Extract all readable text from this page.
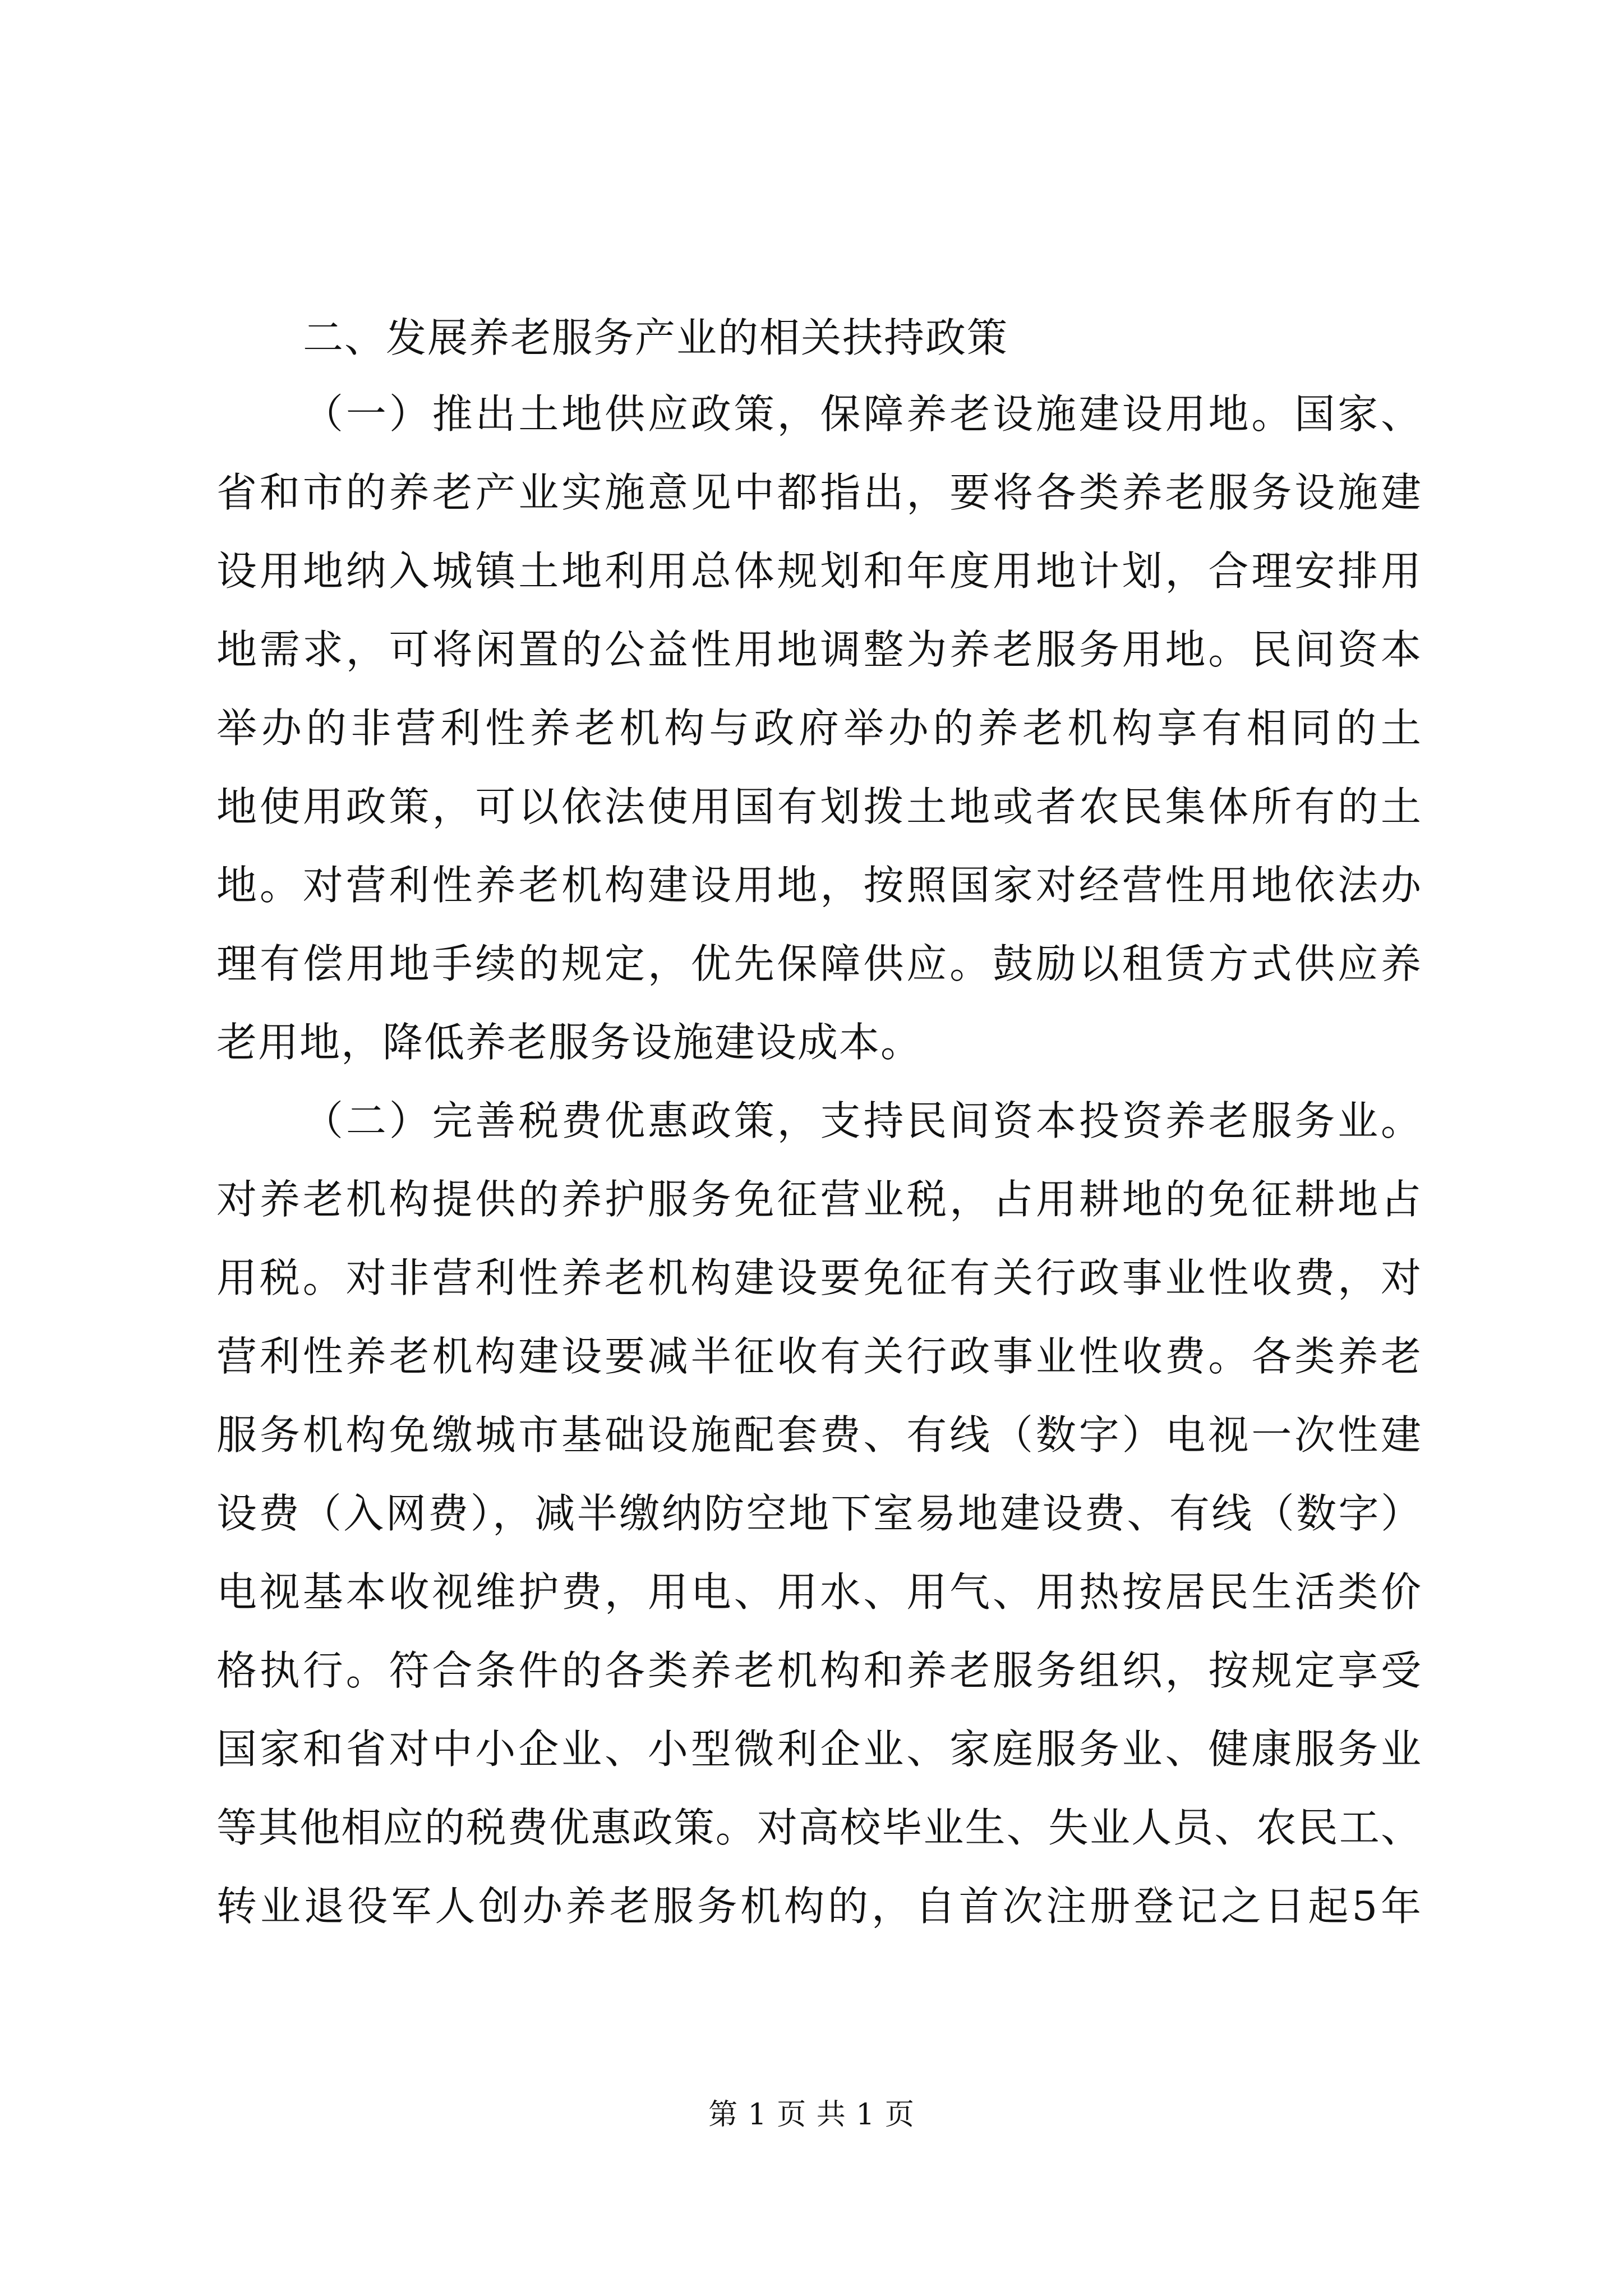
二、发展养老服务产业的相关扶持政策
（一）推出土地供应政策，保障养老设施建设用地。国家、
省和市的养老产业实施意见中都指出，要将各类养老服务设施建
设用地纳入城镇土地利用总体规划和年度用地计划，合理安排用
地需求，可将闲置的公益性用地调整为养老服务用地。民间资本
举办的非营利性养老机构与政府举办的养老机构享有相同的土
地使用政策，可以依法使用国有划拨土地或者农民集体所有的土
地。对营利性养老机构建设用地，按照国家对经营性用地依法办
理有偿用地手续的规定，优先保障供应。鼓励以租赁方式供应养
老用地，降低养老服务设施建设成本。
（二）完善税费优惠政策，支持民间资本投资养老服务业。
对养老机构提供的养护服务免征营业税，占用耕地的免征耕地占
用税。对非营利性养老机构建设要免征有关行政事业性收费，对
营利性养老机构建设要减半征收有关行政事业性收费。各类养老
服务机构免缴城市基础设施配套费、有线（数字）电视一次性建
设费（入网费），减半缴纳防空地下室易地建设费、有线（数字）
电视基本收视维护费，用电、用水、用气、用热按居民生活类价
格执行。符合条件的各类养老机构和养老服务组织，按规定享受
国家和省对中小企业、小型微利企业、家庭服务业、健康服务业
等其他相应的税费优惠政策。对高校毕业生、失业人员、农民工、
转业退役军人创办养老服务机构的，自首次注册登记之日起5年
第 1 页 共 1 页
